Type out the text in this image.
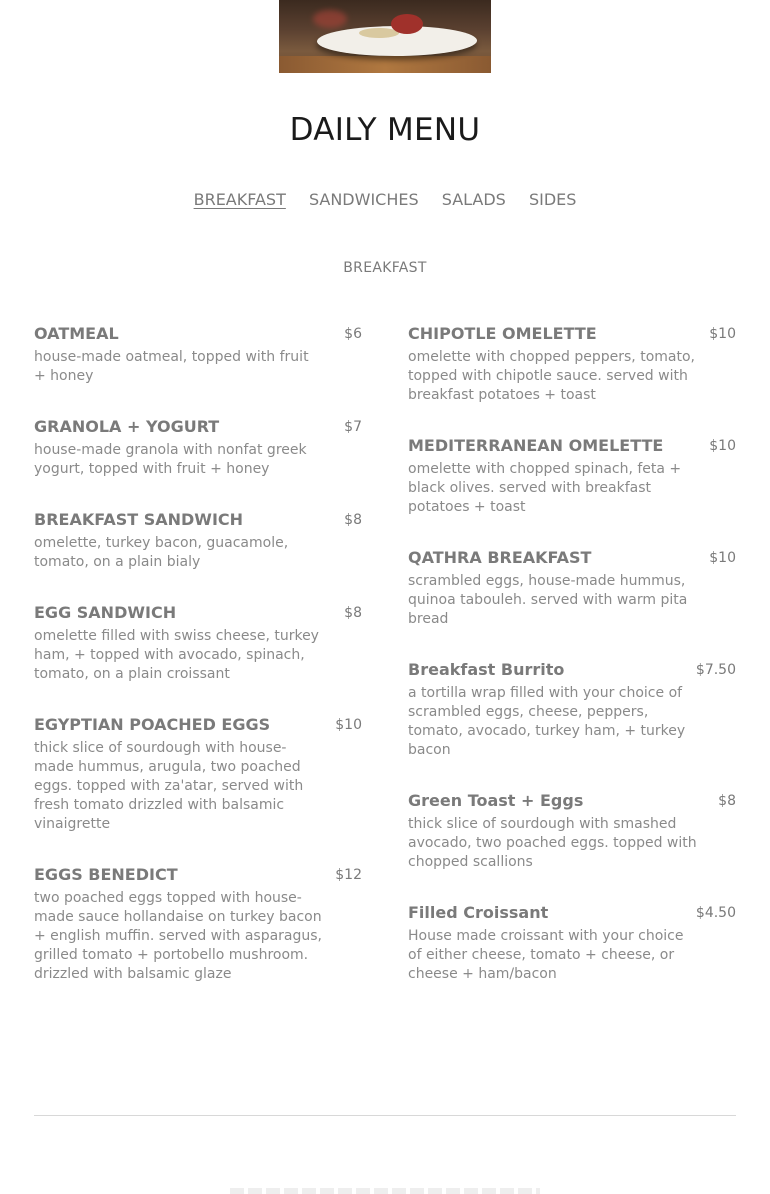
DAILY MENU
BREAKFAST SANDWICHES SALADS SIDES
BREAKFAST
OATMEAL	$6
house-made oatmeal, topped with fruit + honey
GRANOLA + YOGURT	$7
house-made granola with nonfat greek yogurt, topped with fruit + honey
BREAKFAST SANDWICH	$8
omelette, turkey bacon, guacamole, tomato, on a plain bialy
EGG SANDWICH	$8
omelette filled with swiss cheese, turkey ham, + topped with avocado, spinach, tomato, on a plain croissant
EGYPTIAN POACHED EGGS	$10
thick slice of sourdough with house-made hummus, arugula, two poached eggs. topped with za'atar, served with fresh tomato drizzled with balsamic vinaigrette
EGGS BENEDICT	$12
two poached eggs topped with house-made sauce hollandaise on turkey bacon + english muffin. served with asparagus, grilled tomato + portobello mushroom. drizzled with balsamic glaze
CHIPOTLE OMELETTE	$10
omelette with chopped peppers, tomato, topped with chipotle sauce. served with breakfast potatoes + toast
MEDITERRANEAN OMELETTE	$10
omelette with chopped spinach, feta + black olives. served with breakfast potatoes + toast
QATHRA BREAKFAST	$10
scrambled eggs, house-made hummus, quinoa tabouleh. served with warm pita bread
Breakfast Burrito	$7.50
a tortilla wrap filled with your choice of scrambled eggs, cheese, peppers, tomato, avocado, turkey ham, + turkey bacon
Green Toast + Eggs	$8
thick slice of sourdough with smashed avocado, two poached eggs. topped with chopped scallions
Filled Croissant	$4.50
House made croissant with your choice of either cheese, tomato + cheese, or cheese + ham/bacon
